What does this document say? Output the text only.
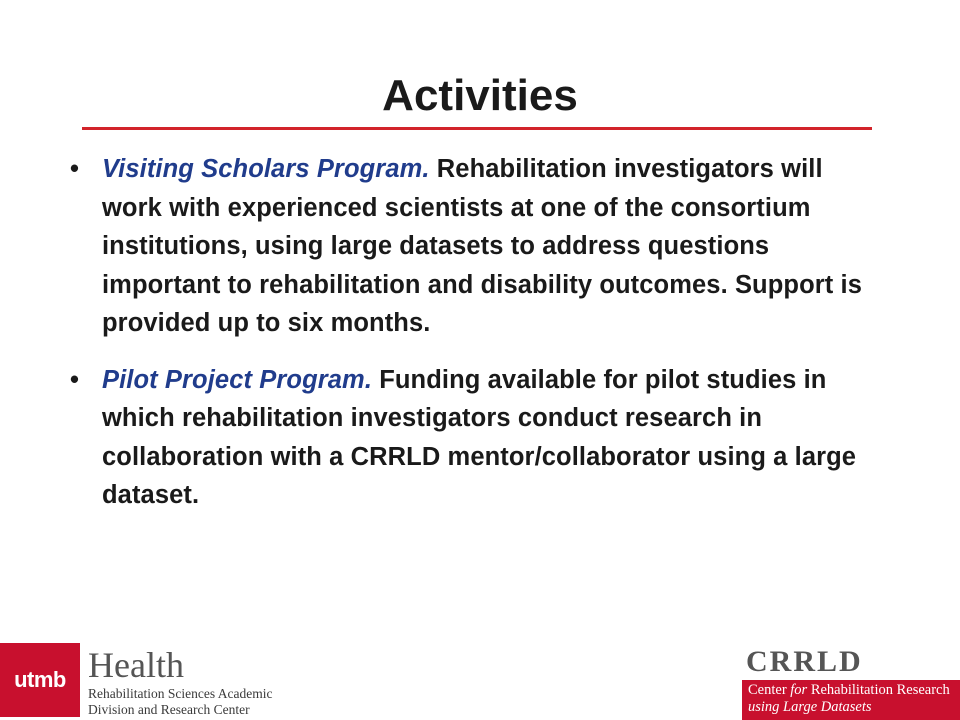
Activities
• Visiting Scholars Program. Rehabilitation investigators will work with experienced scientists at one of the consortium institutions, using large datasets to address questions important to rehabilitation and disability outcomes. Support is provided up to six months.
• Pilot Project Program. Funding available for pilot studies in which rehabilitation investigators conduct research in collaboration with a CRRLD mentor/collaborator using a large dataset.
utmb Health
Rehabilitation Sciences Academic
Division and Research Center
CRRLD
Center for Rehabilitation Research
using Large Datasets
